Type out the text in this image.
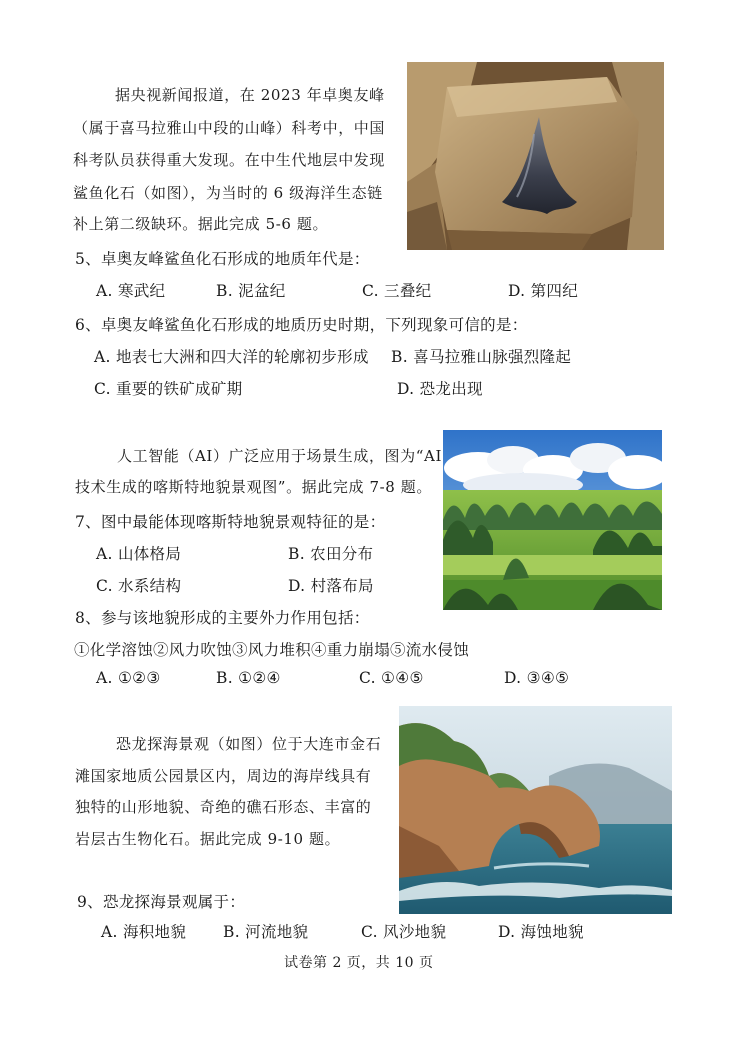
据央视新闻报道，在 2023 年卓奥友峰
（属于喜马拉雅山中段的山峰）科考中，中国
科考队员获得重大发现。在中生代地层中发现
鲨鱼化石（如图），为当时的 6 级海洋生态链
补上第二级缺环。据此完成 5-6 题。
5、卓奥友峰鲨鱼化石形成的地质年代是：
A. 寒武纪	B. 泥盆纪	C. 三叠纪	D. 第四纪
6、卓奥友峰鲨鱼化石形成的地质历史时期，下列现象可信的是：
A. 地表七大洲和四大洋的轮廓初步形成 B. 喜马拉雅山脉强烈隆起
C. 重要的铁矿成矿期	D. 恐龙出现
人工智能（AI）广泛应用于场景生成，图为“AI
技术生成的喀斯特地貌景观图”。据此完成 7-8 题。
7、图中最能体现喀斯特地貌景观特征的是：
A. 山体格局	B. 农田分布
C. 水系结构	D. 村落布局
8、参与该地貌形成的主要外力作用包括：
①化学溶蚀②风力吹蚀③风力堆积④重力崩塌⑤流水侵蚀
A. ①②③	B. ①②④	C. ①④⑤	D. ③④⑤
恐龙探海景观（如图）位于大连市金石
滩国家地质公园景区内，周边的海岸线具有
独特的山形地貌、奇绝的礁石形态、丰富的
岩层古生物化石。据此完成 9-10 题。
9、恐龙探海景观属于：
A. 海积地貌 B. 河流地貌	C. 风沙地貌	D. 海蚀地貌
试卷第 2 页，共 10 页
